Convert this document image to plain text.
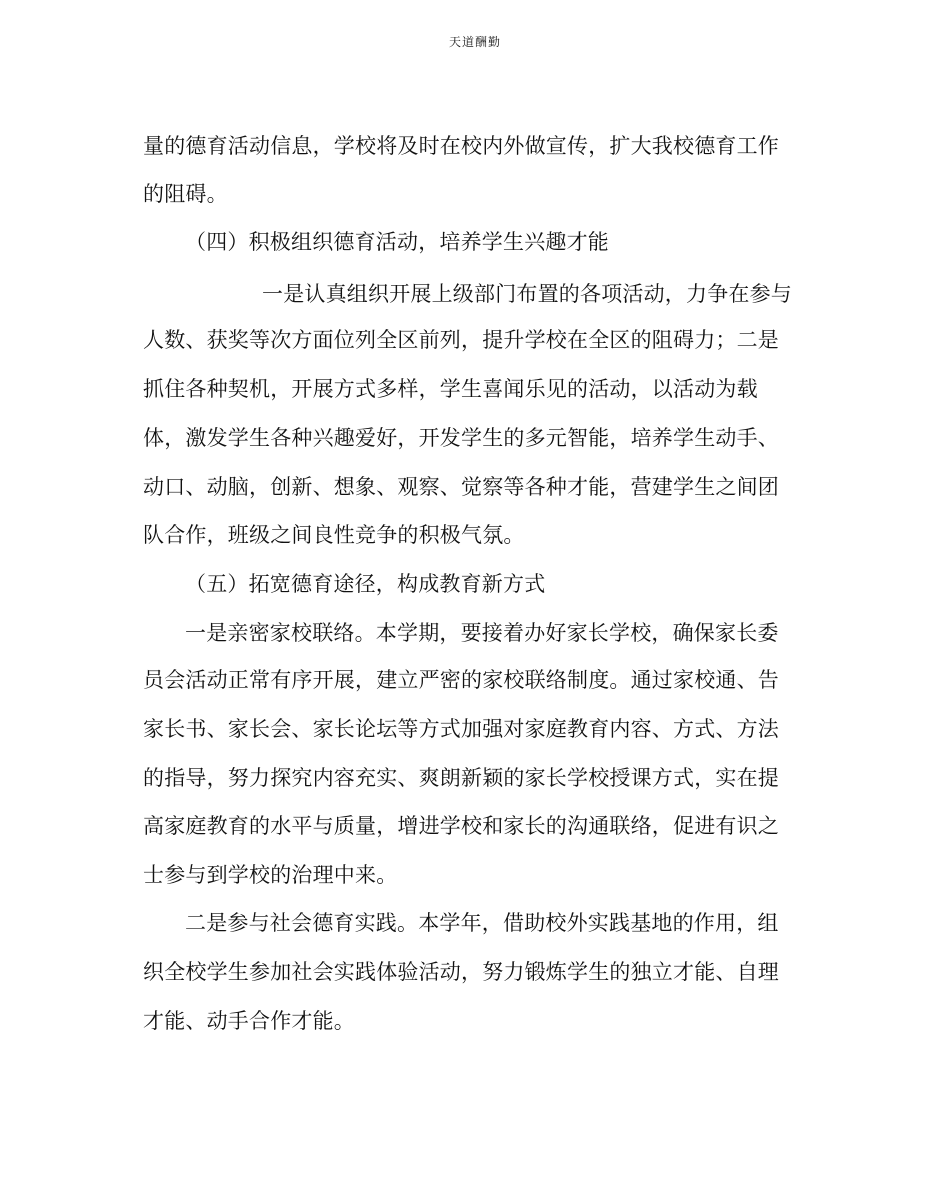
天道酬勤
量的德育活动信息，学校将及时在校内外做宣传，扩大我校德育工作
的阻碍。
（四）积极组织德育活动，培养学生兴趣才能
一是认真组织开展上级部门布置的各项活动，力争在参与
人数、获奖等次方面位列全区前列，提升学校在全区的阻碍力；二是
抓住各种契机，开展方式多样，学生喜闻乐见的活动，以活动为载
体，激发学生各种兴趣爱好，开发学生的多元智能，培养学生动手、
动口、动脑，创新、想象、观察、觉察等各种才能，营建学生之间团
队合作，班级之间良性竞争的积极气氛。
（五）拓宽德育途径，构成教育新方式
一是亲密家校联络。本学期，要接着办好家长学校，确保家长委
员会活动正常有序开展，建立严密的家校联络制度。通过家校通、告
家长书、家长会、家长论坛等方式加强对家庭教育内容、方式、方法
的指导，努力探究内容充实、爽朗新颖的家长学校授课方式，实在提
高家庭教育的水平与质量，增进学校和家长的沟通联络，促进有识之
士参与到学校的治理中来。
二是参与社会德育实践。本学年，借助校外实践基地的作用，组
织全校学生参加社会实践体验活动，努力锻炼学生的独立才能、自理
才能、动手合作才能。
